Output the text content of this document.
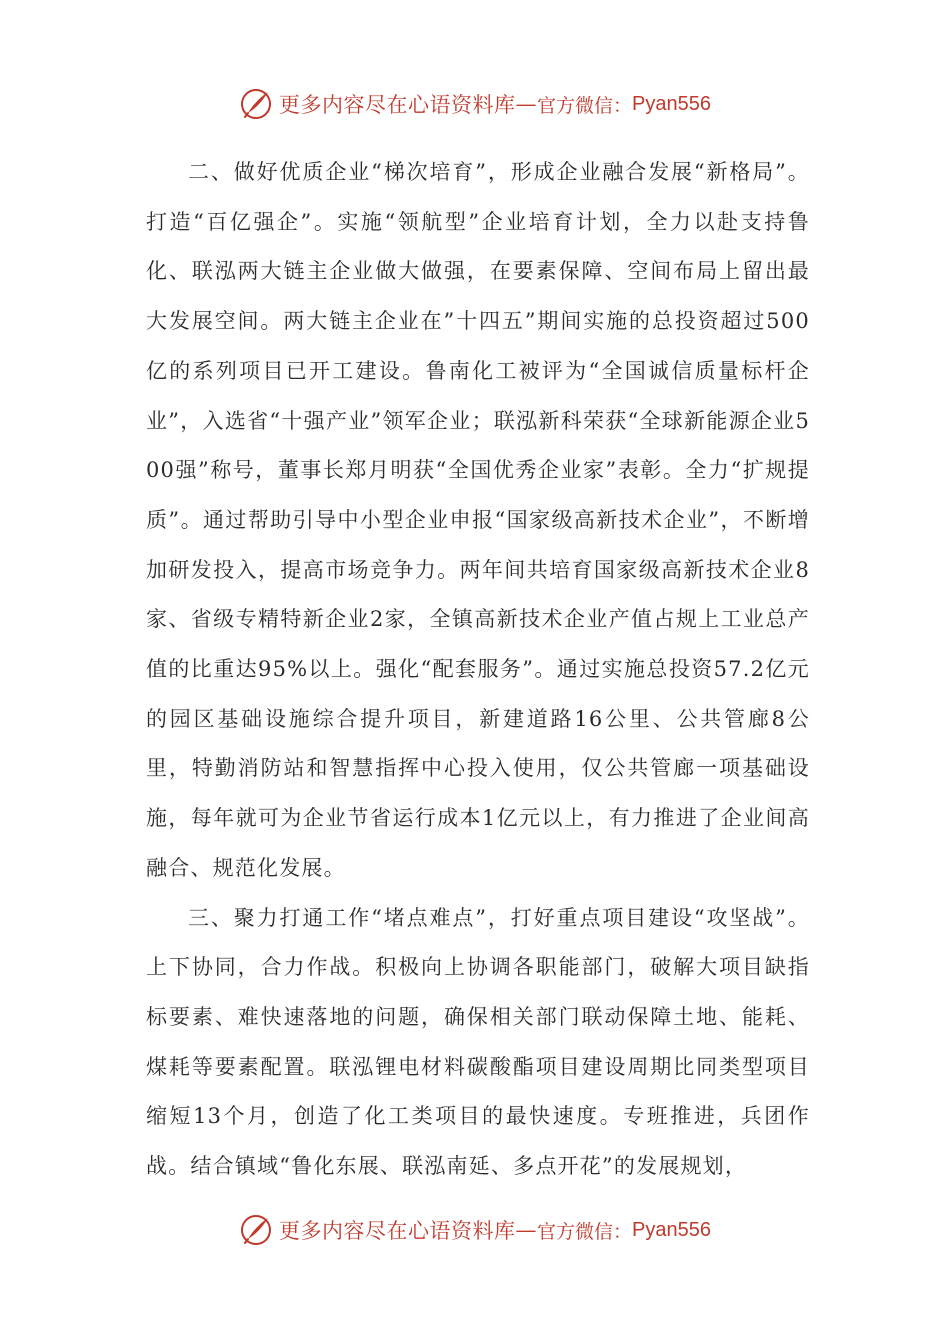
更多内容尽在心语资料库 — 官方微信： Pyan556

二、做好优质企业“梯次培育”，形成企业融合发展“新格局”。打造“百亿强企”。实施“领航型”企业培育计划，全力以赴支持鲁化、联泓两大链主企业做大做强，在要素保障、空间布局上留出最大发展空间。两大链主企业在”十四五”期间实施的总投资超过500亿的系列项目已开工建设。鲁南化工被评为“全国诚信质量标杆企业”，入选省“十强产业”领军企业；联泓新科荣获“全球新能源企业500强”称号，董事长郑月明获“全国优秀企业家”表彰。全力“扩规提质”。通过帮助引导中小型企业申报“国家级高新技术企业”，不断增加研发投入，提高市场竞争力。两年间共培育国家级高新技术企业8家、省级专精特新企业2家，全镇高新技术企业产值占规上工业总产值的比重达95%以上。强化“配套服务”。通过实施总投资57.2亿元的园区基础设施综合提升项目，新建道路16公里、公共管廊8公里，特勤消防站和智慧指挥中心投入使用，仅公共管廊一项基础设施，每年就可为企业节省运行成本1亿元以上，有力推进了企业间高融合、规范化发展。

三、聚力打通工作“堵点难点”，打好重点项目建设“攻坚战”。上下协同，合力作战。积极向上协调各职能部门，破解大项目缺指标要素、难快速落地的问题，确保相关部门联动保障土地、能耗、煤耗等要素配置。联泓锂电材料碳酸酯项目建设周期比同类型项目缩短13个月，创造了化工类项目的最快速度。专班推进，兵团作战。结合镇域“鲁化东展、联泓南延、多点开花”的发展规划，

更多内容尽在心语资料库 — 官方微信： Pyan556
